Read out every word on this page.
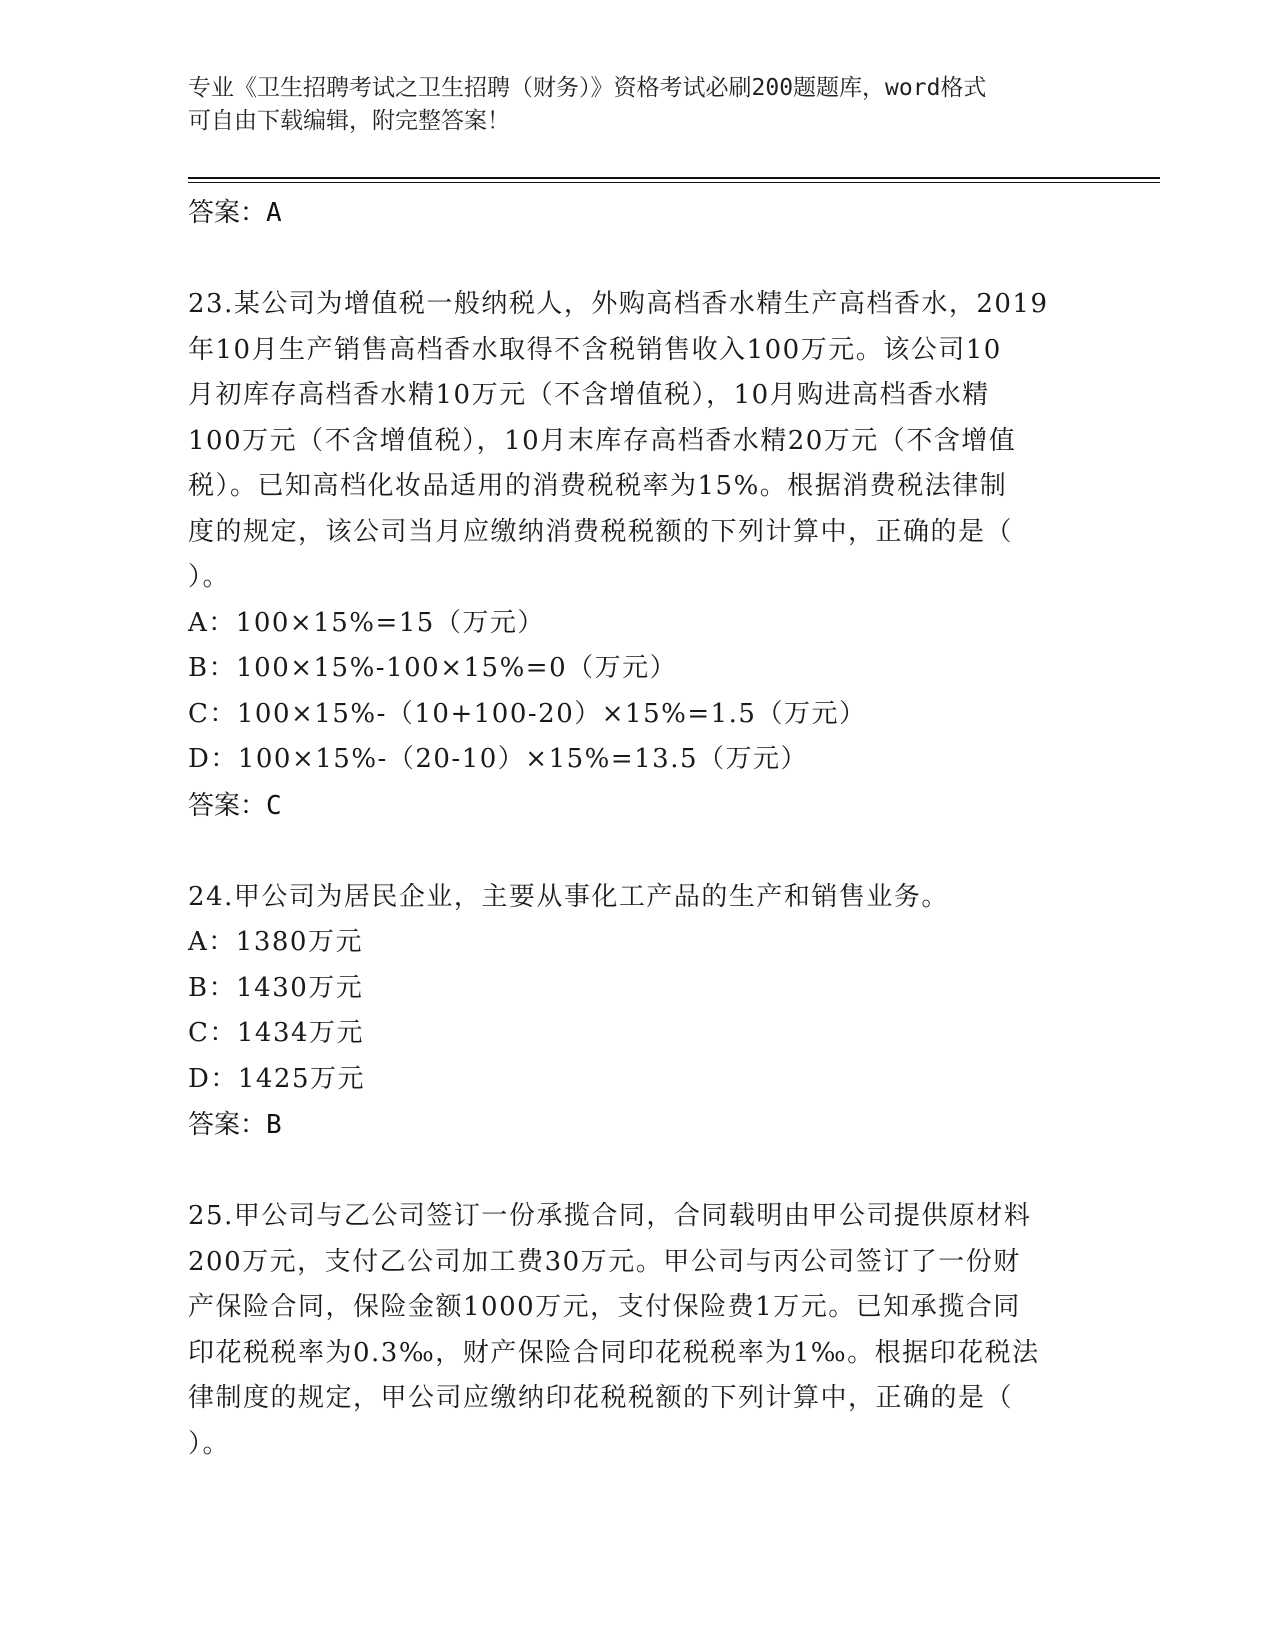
专业《卫生招聘考试之卫生招聘（财务）》资格考试必刷200题题库，word格式
可自由下载编辑，附完整答案！
答案：A
23.某公司为增值税一般纳税人，外购高档香水精生产高档香水，2019
年10月生产销售高档香水取得不含税销售收入100万元。该公司10
月初库存高档香水精10万元（不含增值税），10月购进高档香水精
100万元（不含增值税），10月末库存高档香水精20万元（不含增值
税）。已知高档化妆品适用的消费税税率为15%。根据消费税法律制
度的规定，该公司当月应缴纳消费税税额的下列计算中，正确的是（
）。
A：100×15%=15（万元）
B：100×15%-100×15%=0（万元）
C：100×15%-（10+100-20）×15%=1.5（万元）
D：100×15%-（20-10）×15%=13.5（万元）
答案：C
24.甲公司为居民企业，主要从事化工产品的生产和销售业务。
A：1380万元
B：1430万元
C：1434万元
D：1425万元
答案：B
25.甲公司与乙公司签订一份承揽合同，合同载明由甲公司提供原材料
200万元，支付乙公司加工费30万元。甲公司与丙公司签订了一份财
产保险合同，保险金额1000万元，支付保险费1万元。已知承揽合同
印花税税率为0.3‰，财产保险合同印花税税率为1‰。根据印花税法
律制度的规定，甲公司应缴纳印花税税额的下列计算中，正确的是（
）。
